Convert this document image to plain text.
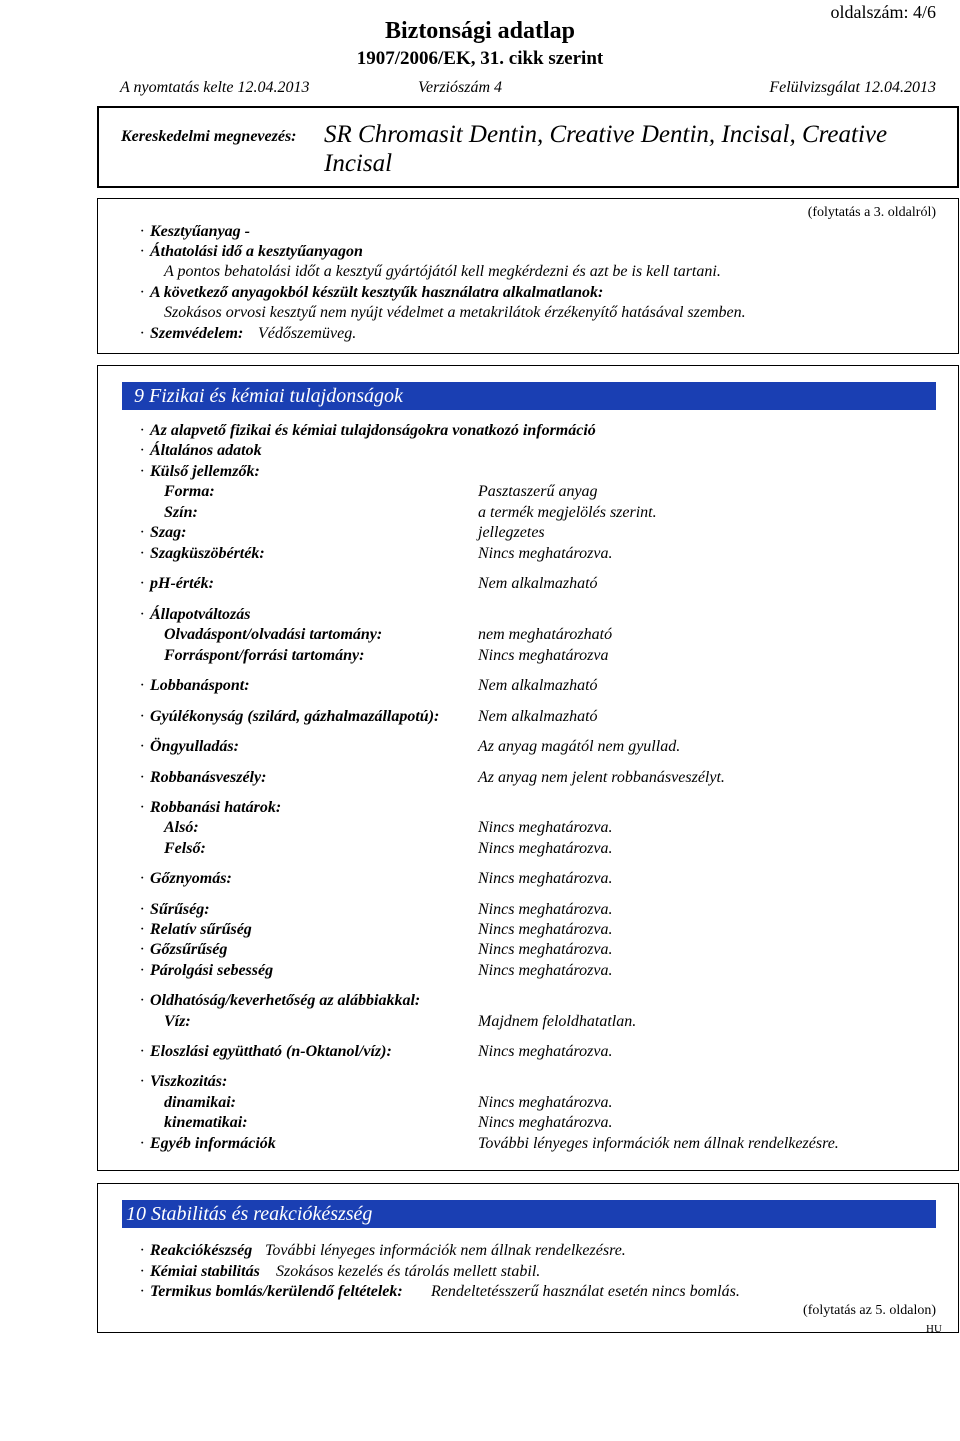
oldalszám: 4/6
Biztonsági adatlap
1907/2006/EK, 31. cikk szerint
A nyomtatás kelte 12.04.2013	Verziószám 4	Felülvizsgálat 12.04.2013
Kereskedelmi megnevezés: SR Chromasit Dentin, Creative Dentin, Incisal, Creative
Incisal
(folytatás a 3. oldalról)
· Kesztyűanyag -
· Áthatolási idő a kesztyűanyagon
A pontos behatolási időt a kesztyű gyártójától kell megkérdezni és azt be is kell tartani.
· A következő anyagokból készült kesztyűk használatra alkalmatlanok:
Szokásos orvosi kesztyű nem nyújt védelmet a metakrilátok érzékenyítő hatásával szemben.
· Szemvédelem: Védőszemüveg.
9 Fizikai és kémiai tulajdonságok
· Az alapvető fizikai és kémiai tulajdonságokra vonatkozó információ
· Általános adatok
· Külső jellemzők:
Forma:	Pasztaszerű anyag
Szín:	a termék megjelölés szerint.
· Szag:	jellegzetes
· Szagküszöbérték:	Nincs meghatározva.
· pH-érték:	Nem alkalmazható
· Állapotváltozás
Olvadáspont/olvadási tartomány:	nem meghatározható
Forráspont/forrási tartomány:	Nincs meghatározva
· Lobbanáspont:	Nem alkalmazható
· Gyúlékonyság (szilárd, gázhalmazállapotú): Nem alkalmazható
· Öngyulladás:	Az anyag magától nem gyullad.
· Robbanásveszély:	Az anyag nem jelent robbanásveszélyt.
· Robbanási határok:
Alsó:	Nincs meghatározva.
Felső:	Nincs meghatározva.
· Gőznyomás:	Nincs meghatározva.
· Sűrűség:	Nincs meghatározva.
· Relatív sűrűség	Nincs meghatározva.
· Gőzsűrűség	Nincs meghatározva.
· Párolgási sebesség	Nincs meghatározva.
· Oldhatóság/keverhetőség az alábbiakkal:
Víz:	Majdnem feloldhatatlan.
· Eloszlási együttható (n-Oktanol/víz):	Nincs meghatározva.
· Viszkozitás:
dinamikai:	Nincs meghatározva.
kinematikai:	Nincs meghatározva.
· Egyéb információk	További lényeges információk nem állnak rendelkezésre.
10 Stabilitás és reakciókészség
· Reakciókészség További lényeges információk nem állnak rendelkezésre.
· Kémiai stabilitás Szokásos kezelés és tárolás mellett stabil.
· Termikus bomlás/kerülendő feltételek: Rendeltetésszerű használat esetén nincs bomlás.
(folytatás az 5. oldalon)
HU
